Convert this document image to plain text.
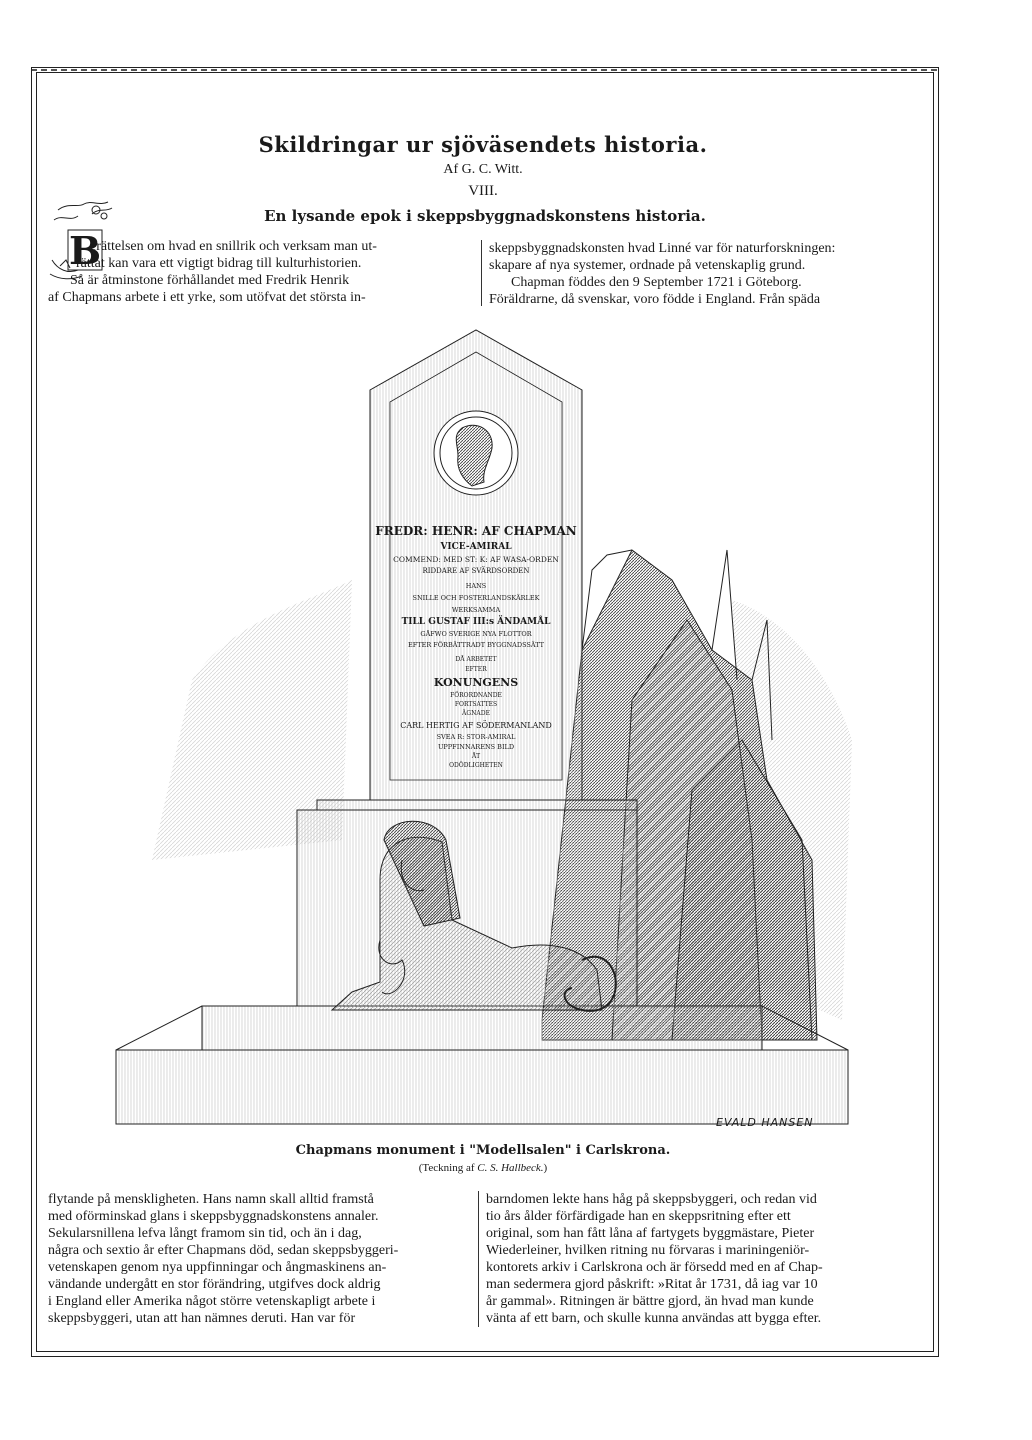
Skildringar ur sjöväsendets historia.
Af G. C. Witt.
VIII.
En lysande epok i skeppsbyggnadskonstens historia.
B

erättelsen om hvad en snillrik och verksam man ut-

rättat kan vara ett vigtigt bidrag till kulturhistorien.

Så är åtminstone förhållandet med Fredrik Henrik

af Chapmans arbete i ett yrke, som utöfvat det största in-

skeppsbyggnadskonsten hvad Linné var för naturforskningen:

skapare af nya systemer, ordnade på vetenskaplig grund.

Chapman föddes den 9 September 1721 i Göteborg.

Föräldrarne, då svenskar, voro födde i England. Från späda

FREDR: HENR: AF CHAPMAN
VICE-AMIRAL
COMMEND: MED ST: K: AF WASA-ORDEN
RIDDARE AF SVÄRDSORDEN
HANS
SNILLE OCH FOSTERLANDSKÄRLEK
WERKSAMMA
TILL GUSTAF III:s ÄNDAMÅL
GÅFWO SVERIGE NYA FLOTTOR
EFTER FÖRBÄTTRADT BYGGNADSSÄTT
DÅ ARBETET
EFTER
KONUNGENS
FÖRORDNANDE
FORTSATTES
ÄGNADE
CARL HERTIG AF SÖDERMANLAND
SVEA R: STOR-AMIRAL
UPPFINNARENS BILD
ÅT
ODÖDLIGHETEN
EVALD HANSEN
Chapmans monument i "Modellsalen" i Carlskrona.
(Teckning af C. S. Hallbeck.)

flytande på menskligheten. Hans namn skall alltid framstå

med oförminskad glans i skeppsbyggnadskonstens annaler.

Sekularsnillena lefva långt framom sin tid, och än i dag,

några och sextio år efter Chapmans död, sedan skeppsbyggeri-

vetenskapen genom nya uppfinningar och ångmaskinens an-

vändande undergått en stor förändring, utgifves dock aldrig

i England eller Amerika något större vetenskapligt arbete i

skeppsbyggeri, utan att han nämnes deruti. Han var för

barndomen lekte hans håg på skeppsbyggeri, och redan vid

tio års ålder förfärdigade han en skeppsritning efter ett

original, som han fått låna af fartygets byggmästare, Pieter

Wiederleiner, hvilken ritning nu förvaras i mariningeniör-

kontorets arkiv i Carlskrona och är försedd med en af Chap-

man sedermera gjord påskrift: »Ritat år 1731, då iag var 10

år gammal». Ritningen är bättre gjord, än hvad man kunde

vänta af ett barn, och skulle kunna användas att bygga efter.
